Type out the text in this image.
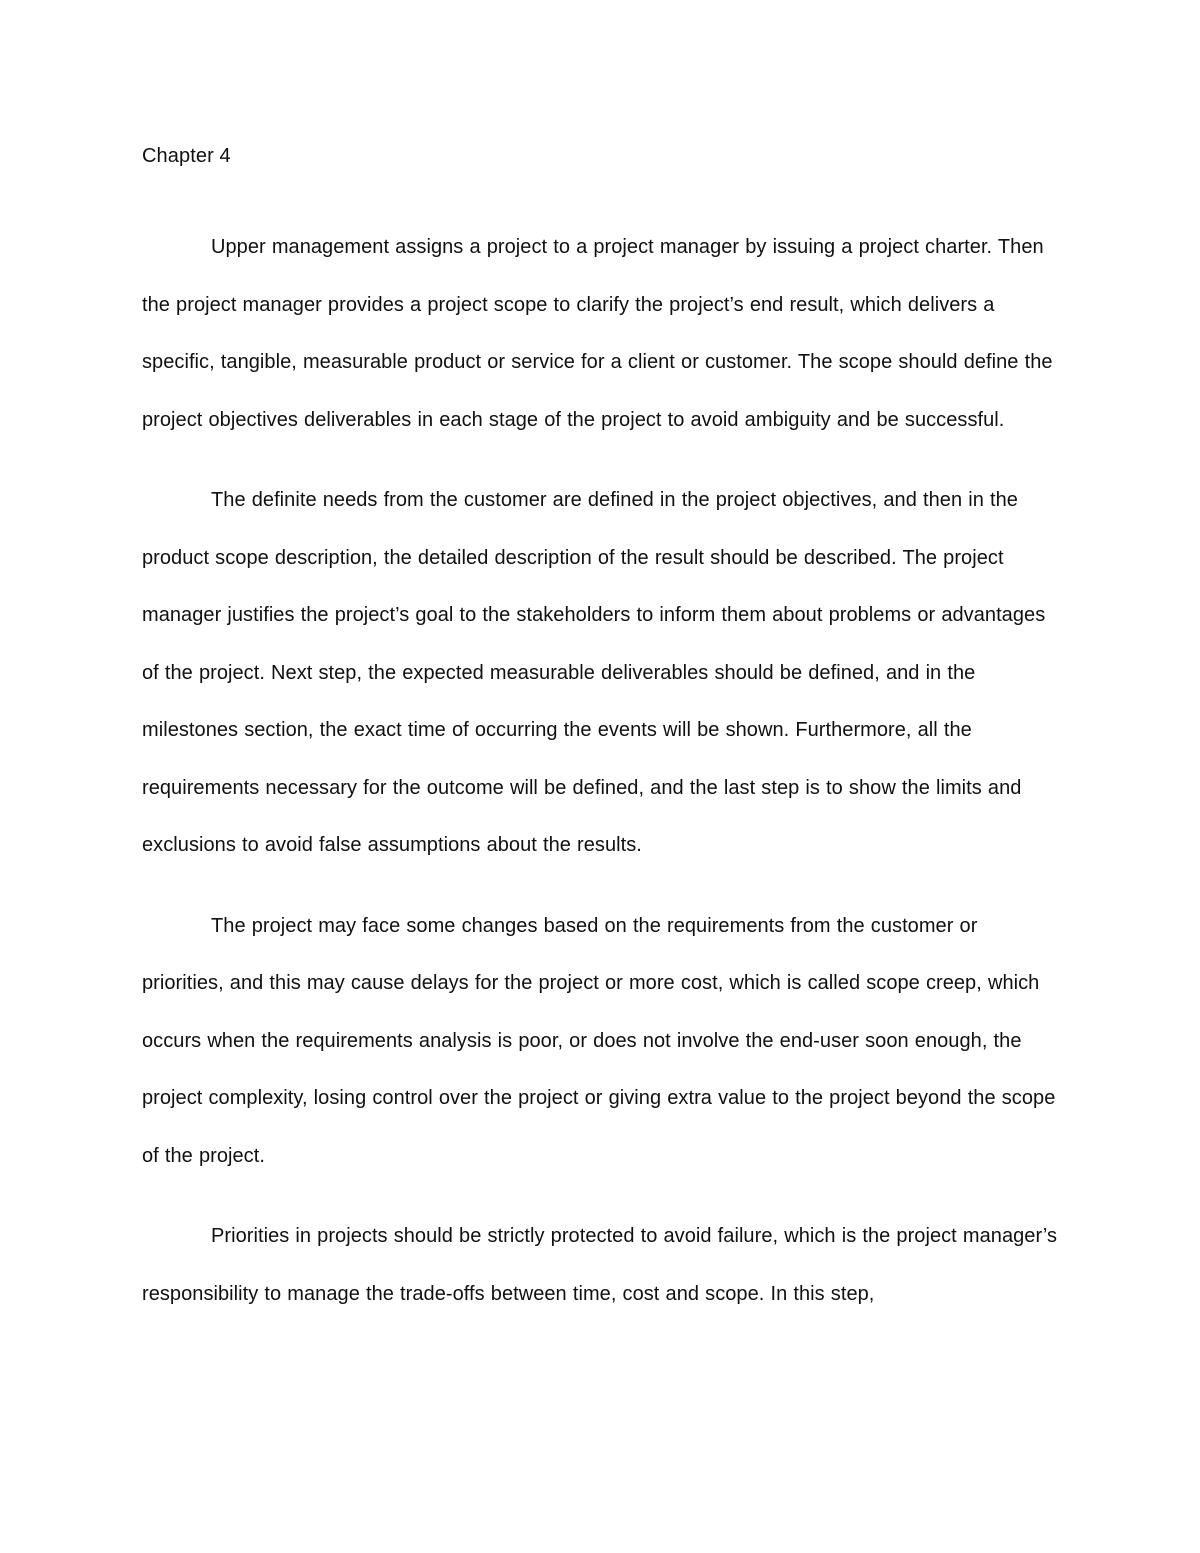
Chapter 4

Upper management assigns a project to a project manager by issuing a project charter. Then the project manager provides a project scope to clarify the project’s end result, which delivers a specific, tangible, measurable product or service for a client or customer. The scope should define the project objectives deliverables in each stage of the project to avoid ambiguity and be successful.

The definite needs from the customer are defined in the project objectives, and then in the product scope description, the detailed description of the result should be described. The project manager justifies the project’s goal to the stakeholders to inform them about problems or advantages of the project. Next step, the expected measurable deliverables should be defined, and in the milestones section, the exact time of occurring the events will be shown. Furthermore, all the requirements necessary for the outcome will be defined, and the last step is to show the limits and exclusions to avoid false assumptions about the results.

The project may face some changes based on the requirements from the customer or priorities, and this may cause delays for the project or more cost, which is called scope creep, which occurs when the requirements analysis is poor, or does not involve the end-user soon enough, the project complexity, losing control over the project or giving extra value to the project beyond the scope of the project.

Priorities in projects should be strictly protected to avoid failure, which is the project manager’s responsibility to manage the trade-offs between time, cost and scope. In this step,
